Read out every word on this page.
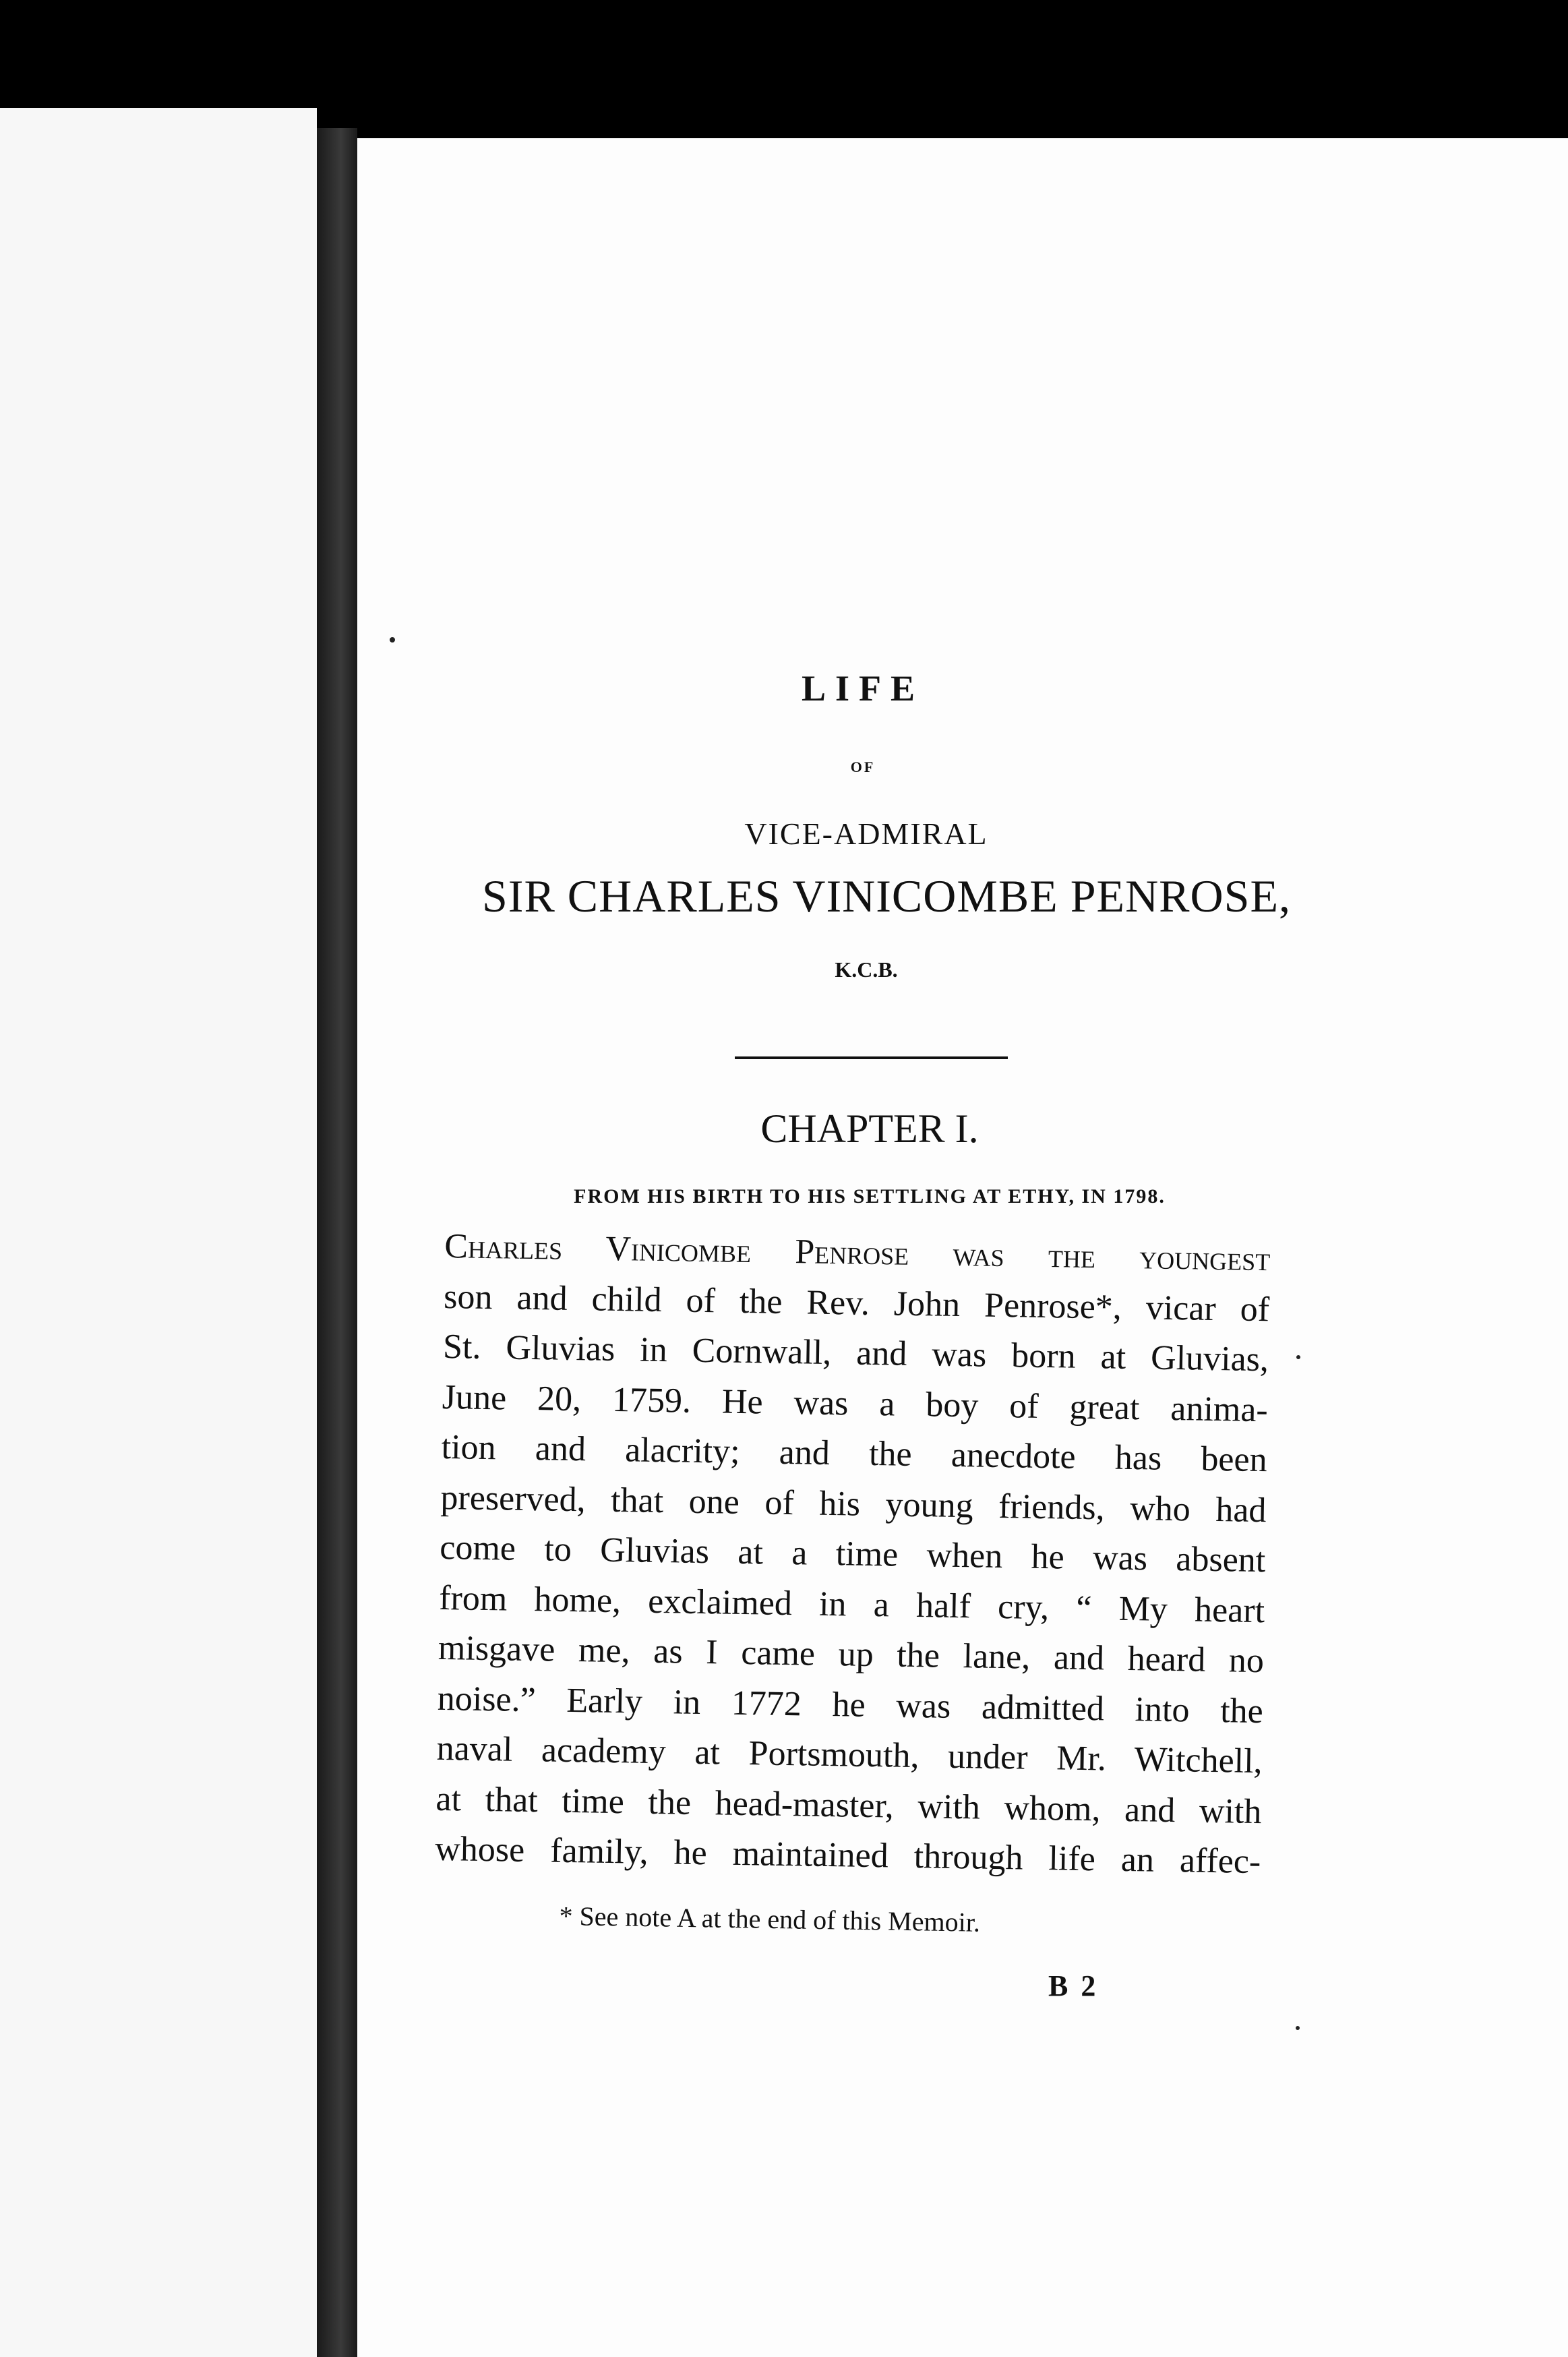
LIFE
OF
VICE-ADMIRAL
SIR CHARLES VINICOMBE PENROSE,
K.C.B.
CHAPTER I.
FROM HIS BIRTH TO HIS SETTLING AT ETHY, IN 1798.
Charles Vinicombe Penrose was the youngest
son and child of the Rev. John Penrose*, vicar of
St. Gluvias in Cornwall, and was born at Gluvias,
June 20, 1759. He was a boy of great anima-
tion and alacrity; and the anecdote has been
preserved, that one of his young friends, who had
come to Gluvias at a time when he was absent
from home, exclaimed in a half cry, “ My heart
misgave me, as I came up the lane, and heard no
noise.” Early in 1772 he was admitted into the
naval academy at Portsmouth, under Mr. Witchell,
at that time the head-master, with whom, and with
whose family, he maintained through life an affec-
* See note A at the end of this Memoir.
B 2
